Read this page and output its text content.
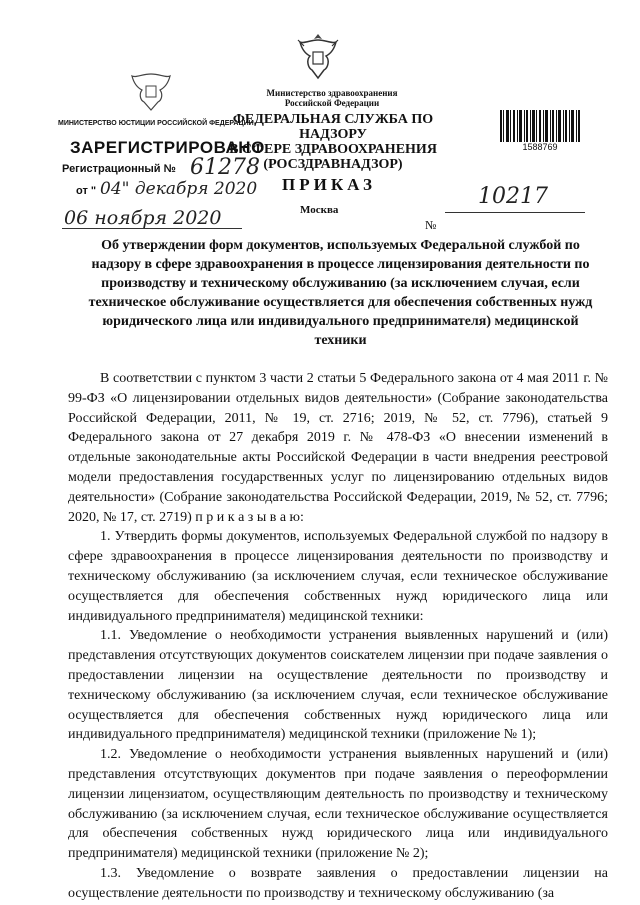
Министерство здравоохранения
Российской Федерации
ФЕДЕРАЛЬНАЯ СЛУЖБА ПО НАДЗОРУ
В СФЕРЕ ЗДРАВООХРАНЕНИЯ
(РОСЗДРАВНАДЗОР)
1588769
МИНИСТЕРСТВО ЮСТИЦИИ РОССИЙСКОЙ ФЕДЕРАЦИИ
ЗАРЕГИСТРИРОВАНО
Регистрационный № 61278
от " 04" декабря 2020 ПРИКАЗ
Москва
06 ноября 2020
10217
№
Об утверждении форм документов, используемых Федеральной службой по надзору в сфере здравоохранения в процессе лицензирования деятельности по производству и техническому обслуживанию (за исключением случая, если техническое обслуживание осуществляется для обеспечения собственных нужд юридического лица или индивидуального предпринимателя) медицинской техники

В соответствии с пунктом 3 части 2 статьи 5 Федерального закона от 4 мая 2011 г. № 99-ФЗ «О лицензировании отдельных видов деятельности» (Собрание законодательства Российской Федерации, 2011, № 19, ст. 2716; 2019, № 52, ст. 7796), статьей 9 Федерального закона от 27 декабря 2019 г. № 478-ФЗ «О внесении изменений в отдельные законодательные акты Российской Федерации в части внедрения реестровой модели предоставления государственных услуг по лицензированию отдельных видов деятельности» (Собрание законодательства Российской Федерации, 2019, № 52, ст. 7796; 2020, № 17, ст. 2719) п р и к а з ы в а ю:

1. Утвердить формы документов, используемых Федеральной службой по надзору в сфере здравоохранения в процессе лицензирования деятельности по производству и техническому обслуживанию (за исключением случая, если техническое обслуживание осуществляется для обеспечения собственных нужд юридического лица или индивидуального предпринимателя) медицинской техники:

1.1. Уведомление о необходимости устранения выявленных нарушений и (или) представления отсутствующих документов соискателем лицензии при подаче заявления о предоставлении лицензии на осуществление деятельности по производству и техническому обслуживанию (за исключением случая, если техническое обслуживание осуществляется для обеспечения собственных нужд юридического лица или индивидуального предпринимателя) медицинской техники (приложение № 1);

1.2. Уведомление о необходимости устранения выявленных нарушений и (или) представления отсутствующих документов при подаче заявления о переоформлении лицензии лицензиатом, осуществляющим деятельность по производству и техническому обслуживанию (за исключением случая, если техническое обслуживание осуществляется для обеспечения собственных нужд юридического лица или индивидуального предпринимателя) медицинской техники (приложение № 2);

1.3. Уведомление о возврате заявления о предоставлении лицензии на осуществление деятельности по производству и техническому обслуживанию (за
